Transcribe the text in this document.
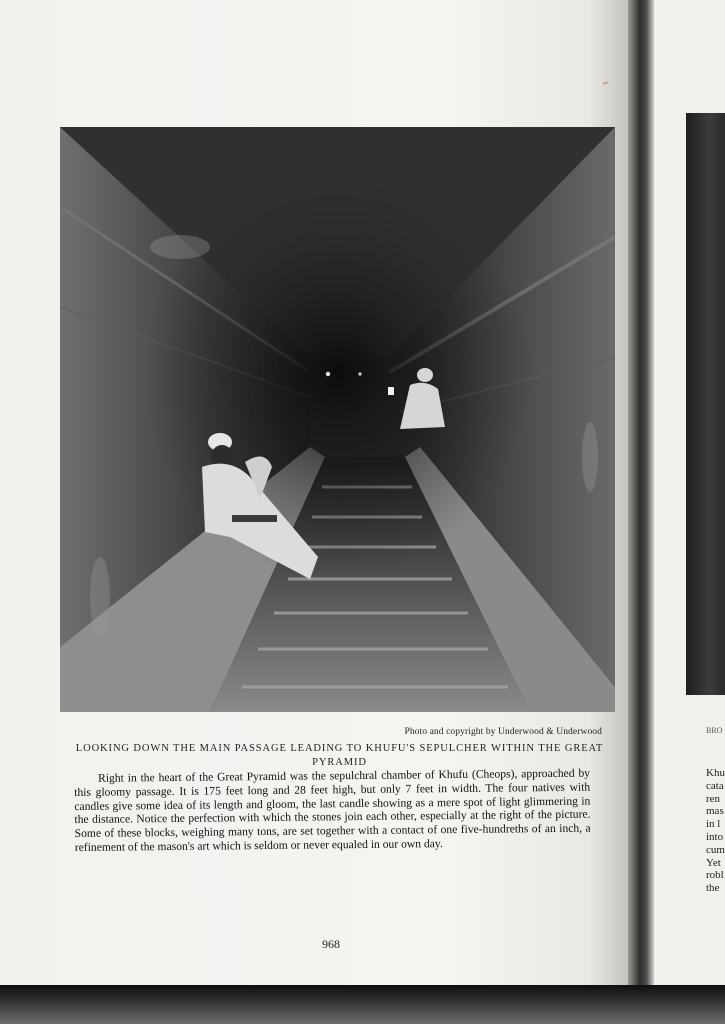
Photo and copyright by Underwood & Underwood
LOOKING DOWN THE MAIN PASSAGE LEADING TO KHUFU'S SEPULCHER WITHIN THE GREAT PYRAMID
Right in the heart of the Great Pyramid was the sepulchral chamber of Khufu (Cheops), approached by this gloomy passage. It is 175 feet long and 28 feet high, but only 7 feet in width. The four natives with candles give some idea of its length and gloom, the last candle showing as a mere spot of light glimmering in the distance. Notice the perfection with which the stones join each other, especially at the right of the picture. Some of these blocks, weighing many tons, are set together with a contact of one five-hundreths of an inch, a refinement of the mason's art which is seldom or never equaled in our own day.
968
BRO
Khu
cata
ren
mas
in l
into
cum
Yet
robl
the
